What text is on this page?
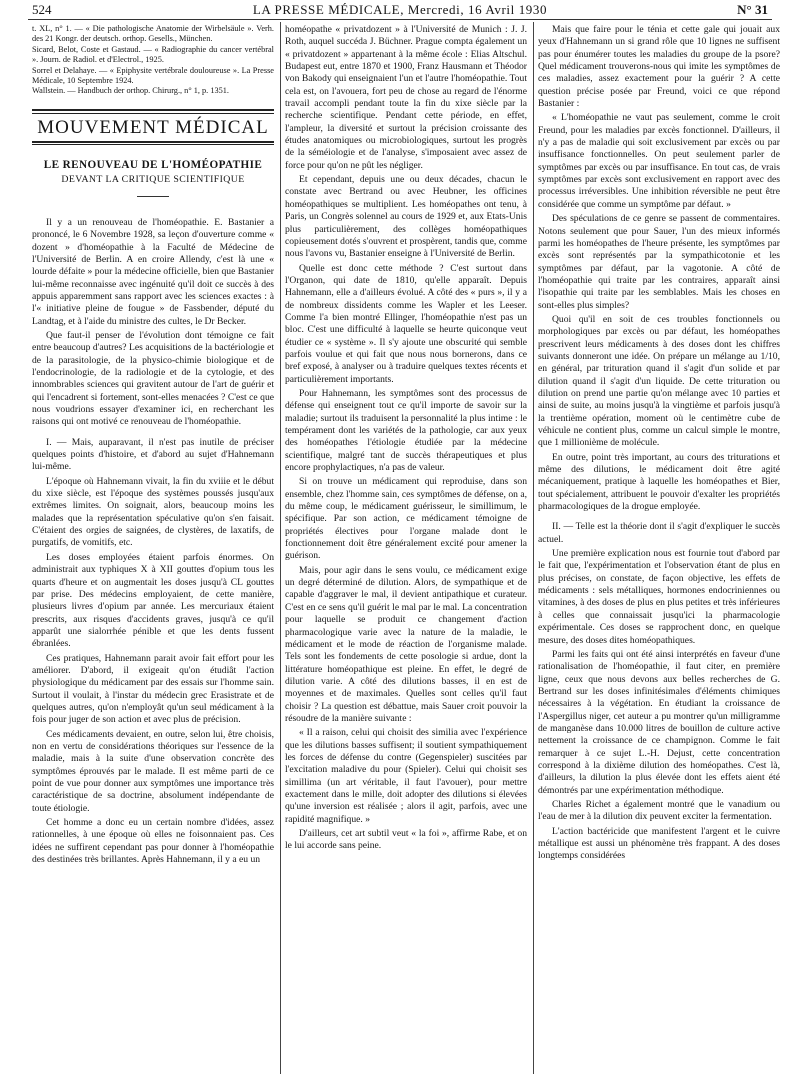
524	LA PRESSE MÉDICALE, Mercredi, 16 Avril 1930	N° 31

t. XL, n° 1. — « Die pathologische Anatomie der Wirbelsäule ». Verh. des 21 Kongr. der deutsch. orthop. Gesells., München.

Sicard, Belot, Coste et Gastaud. — « Radiographie du cancer vertébral ». Journ. de Radiol. et d'Electrol., 1925.

Sorrel et Delahaye. — « Epiphysite vertébrale douloureuse ». La Presse Médicale, 10 Septembre 1924.

Wallstein. — Handbuch der orthop. Chirurg., n° 1, p. 1351.

MOUVEMENT MÉDICAL
LE RENOUVEAU DE L'HOMÉOPATHIE
DEVANT LA CRITIQUE SCIENTIFIQUE

Il y a un renouveau de l'homéopathie. E. Bastanier a prononcé, le 6 Novembre 1928, sa leçon d'ouverture comme « dozent » d'homéopathie à la Faculté de Médecine de l'Université de Berlin. A en croire Allendy, c'est là une « lourde défaite » pour la médecine officielle, bien que Bastanier lui-même reconnaisse avec ingénuité qu'il doit ce succès à des appuis apparemment sans rapport avec les sciences exactes : à l'« initiative pleine de fougue » de Fassbender, député du Landtag, et à l'aide du ministre des cultes, le Dr Becker.

Que faut-il penser de l'évolution dont témoigne ce fait entre beaucoup d'autres? Les acquisitions de la bactériologie et de la parasitologie, de la physico-chimie biologique et de l'endocrinologie, de la radiologie et de la cytologie, et des innombrables sciences qui gravitent autour de l'art de guérir et qui l'encadrent si fortement, sont-elles menacées ? C'est ce que nous voudrions essayer d'examiner ici, en recherchant les raisons qui ont motivé ce renouveau de l'homéopathie.

I. — Mais, auparavant, il n'est pas inutile de préciser quelques points d'histoire, et d'abord au sujet d'Hahnemann lui-même.

L'époque où Hahnemann vivait, la fin du xviiie et le début du xixe siècle, est l'époque des systèmes poussés jusqu'aux extrêmes limites. On soignait, alors, beaucoup moins les malades que la représentation spéculative qu'on s'en faisait. C'étaient des orgies de saignées, de clystères, de laxatifs, de purgatifs, de vomitifs, etc.

Les doses employées étaient parfois énormes. On administrait aux typhiques X à XII gouttes d'opium tous les quarts d'heure et on augmentait les doses jusqu'à CL gouttes par prise. Des médecins employaient, de cette manière, plusieurs livres d'opium par année. Les mercuriaux étaient prescrits, aux risques d'accidents graves, jusqu'à ce qu'il apparût une sialorrhée pénible et que les dents fussent ébranlées.

Ces pratiques, Hahnemann parait avoir fait effort pour les améliorer. D'abord, il exigeait qu'on étudiât l'action physiologique du médicament par des essais sur l'homme sain. Surtout il voulait, à l'instar du médecin grec Erasistrate et de quelques autres, qu'on n'employât qu'un seul médicament à la fois pour juger de son action et avec plus de précision.

Ces médicaments devaient, en outre, selon lui, être choisis, non en vertu de considérations théoriques sur l'essence de la maladie, mais à la suite d'une observation concrète des symptômes éprouvés par le malade. Il est même parti de ce point de vue pour donner aux symptômes une importance très caractéristique de sa doctrine, absolument indépendante de toute étiologie.

Cet homme a donc eu un certain nombre d'idées, assez rationnelles, à une époque où elles ne foisonnaient pas. Ces idées ne suffirent cependant pas pour donner à l'homéopathie des destinées très brillantes. Après Hahnemann, il y a eu un

homéopathe « privatdozent » à l'Université de Munich : J. J. Roth, auquel succéda J. Büchner. Prague compta également un « privatdozent » appartenant à la même école : Elias Altschul. Budapest eut, entre 1870 et 1900, Franz Hausmann et Théodor von Bakody qui enseignaient l'un et l'autre l'homéopathie. Tout cela est, on l'avouera, fort peu de chose au regard de l'énorme travail accompli pendant toute la fin du xixe siècle par la recherche scientifique. Pendant cette période, en effet, l'ampleur, la diversité et surtout la précision croissante des études anatomiques ou microbiologiques, surtout les progrès de la séméiologie et de l'analyse, s'imposaient avec assez de force pour qu'on ne pût les négliger.

Et cependant, depuis une ou deux décades, chacun le constate avec Bertrand ou avec Heubner, les officines homéopathiques se multiplient. Les homéopathes ont tenu, à Paris, un Congrès solennel au cours de 1929 et, aux Etats-Unis plus particulièrement, des collèges homéopathiques copieusement dotés s'ouvrent et prospèrent, tandis que, comme nous l'avons vu, Bastanier enseigne à l'Université de Berlin.

Quelle est donc cette méthode ? C'est surtout dans l'Organon, qui date de 1810, qu'elle apparaît. Depuis Hahnemann, elle a d'ailleurs évolué. A côté des « purs », il y a de nombreux dissidents comme les Wapler et les Leeser. Comme l'a bien montré Ellinger, l'homéopathie n'est pas un bloc. C'est une difficulté à laquelle se heurte quiconque veut étudier ce « système ». Il s'y ajoute une obscurité qui semble parfois voulue et qui fait que nous nous bornerons, dans ce bref exposé, à analyser ou à traduire quelques textes récents et particulièrement importants.

Pour Hahnemann, les symptômes sont des processus de défense qui enseignent tout ce qu'il importe de savoir sur la maladie; surtout ils traduisent la personnalité la plus intime : le tempérament dont les variétés de la pathologie, car aux yeux des homéopathes l'étiologie étudiée par la médecine scientifique, malgré tant de succès thérapeutiques et plus encore prophylactiques, n'a pas de valeur.

Si on trouve un médicament qui reproduise, dans son ensemble, chez l'homme sain, ces symptômes de défense, on a, du même coup, le médicament guérisseur, le simillimum, le spécifique. Par son action, ce médicament témoigne de propriétés électives pour l'organe malade dont le fonctionnement doit être généralement excité pour amener la guérison.

Mais, pour agir dans le sens voulu, ce médicament exige un degré déterminé de dilution. Alors, de sympathique et de capable d'aggraver le mal, il devient antipathique et curateur. C'est en ce sens qu'il guérit le mal par le mal. La concentration pour laquelle se produit ce changement d'action pharmacologique varie avec la nature de la maladie, le médicament et le mode de réaction de l'organisme malade. Tels sont les fondements de cette posologie si ardue, dont la littérature homéopathique est pleine. En effet, le degré de dilution varie. A côté des dilutions basses, il en est de moyennes et de maximales. Quelles sont celles qu'il faut choisir ? La question est débattue, mais Sauer croit pouvoir la résoudre de la manière suivante :

« Il a raison, celui qui choisit des similia avec l'expérience que les dilutions basses suffisent; il soutient sympathiquement les forces de défense du contre (Gegenspieler) suscitées par l'excitation maladive du pour (Spieler). Celui qui choisit ses simillima (un art véritable, il faut l'avouer), pour mettre exactement dans le mille, doit adopter des dilutions si élevées qu'une inversion est réalisée ; alors il agit, parfois, avec une rapidité magnifique. »

D'ailleurs, cet art subtil veut « la foi », affirme Rabe, et on le lui accorde sans peine.

Mais que faire pour le ténia et cette gale qui jouait aux yeux d'Hahnemann un si grand rôle que 10 lignes ne suffisent pas pour énumérer toutes les maladies du groupe de la psore? Quel médicament trouverons-nous qui imite les symptômes de ces maladies, assez exactement pour la guérir ? A cette question précise posée par Freund, voici ce que répond Bastanier :

« L'homéopathie ne vaut pas seulement, comme le croit Freund, pour les maladies par excès fonctionnel. D'ailleurs, il n'y a pas de maladie qui soit exclusivement par excès ou par insuffisance fonctionnelles. On peut seulement parler de symptômes par excès ou par insuffisance. En tout cas, de vrais symptômes par excès sont exclusivement en rapport avec des processus irréversibles. Une inhibition réversible ne peut être considérée que comme un symptôme par défaut. »

Des spéculations de ce genre se passent de commentaires. Notons seulement que pour Sauer, l'un des mieux informés parmi les homéopathes de l'heure présente, les symptômes par excès sont représentés par la sympathicotonie et les symptômes par défaut, par la vagotonie. A côté de l'homéopathie qui traite par les contraires, apparaît ainsi l'isopathie qui traite par les semblables. Mais les choses en sont-elles plus simples?

Quoi qu'il en soit de ces troubles fonctionnels ou morphologiques par excès ou par défaut, les homéopathes prescrivent leurs médicaments à des doses dont les chiffres suivants donneront une idée. On prépare un mélange au 1/10, en général, par trituration quand il s'agit d'un solide et par dilution quand il s'agit d'un liquide. De cette trituration ou dilution on prend une partie qu'on mélange avec 10 parties et ainsi de suite, au moins jusqu'à la vingtième et parfois jusqu'à la trentième opération, moment où le centimètre cube de véhicule ne contient plus, comme un calcul simple le montre, que 1 millionième de molécule.

En outre, point très important, au cours des triturations et même des dilutions, le médicament doit être agité mécaniquement, pratique à laquelle les homéopathes et Bier, tout spécialement, attribuent le pouvoir d'exalter les propriétés pharmacologiques de la drogue employée.

II. — Telle est la théorie dont il s'agit d'expliquer le succès actuel.

Une première explication nous est fournie tout d'abord par le fait que, l'expérimentation et l'observation étant de plus en plus précises, on constate, de façon objective, les effets de médicaments : sels métalliques, hormones endocriniennes ou vitamines, à des doses de plus en plus petites et très inférieures à celles que connaissait jusqu'ici la pharmacologie expérimentale. Ces doses se rapprochent donc, en quelque mesure, des doses dites homéopathiques.

Parmi les faits qui ont été ainsi interprétés en faveur d'une rationalisation de l'homéopathie, il faut citer, en première ligne, ceux que nous devons aux belles recherches de G. Bertrand sur les doses infinitésimales d'éléments chimiques nécessaires à la végétation. En étudiant la croissance de l'Aspergillus niger, cet auteur a pu montrer qu'un milligramme de manganèse dans 10.000 litres de bouillon de culture active nettement la croissance de ce champignon. Comme le fait remarquer à ce sujet L.-H. Dejust, cette concentration correspond à la dixième dilution des homéopathes. C'est là, d'ailleurs, la dilution la plus élevée dont les effets aient été démontrés par une expérimentation méthodique.

Charles Richet a également montré que le vanadium ou l'eau de mer à la dilution dix peuvent exciter la fermentation.

L'action bactéricide que manifestent l'argent et le cuivre métallique est aussi un phénomène très frappant. A des doses longtemps considérées
